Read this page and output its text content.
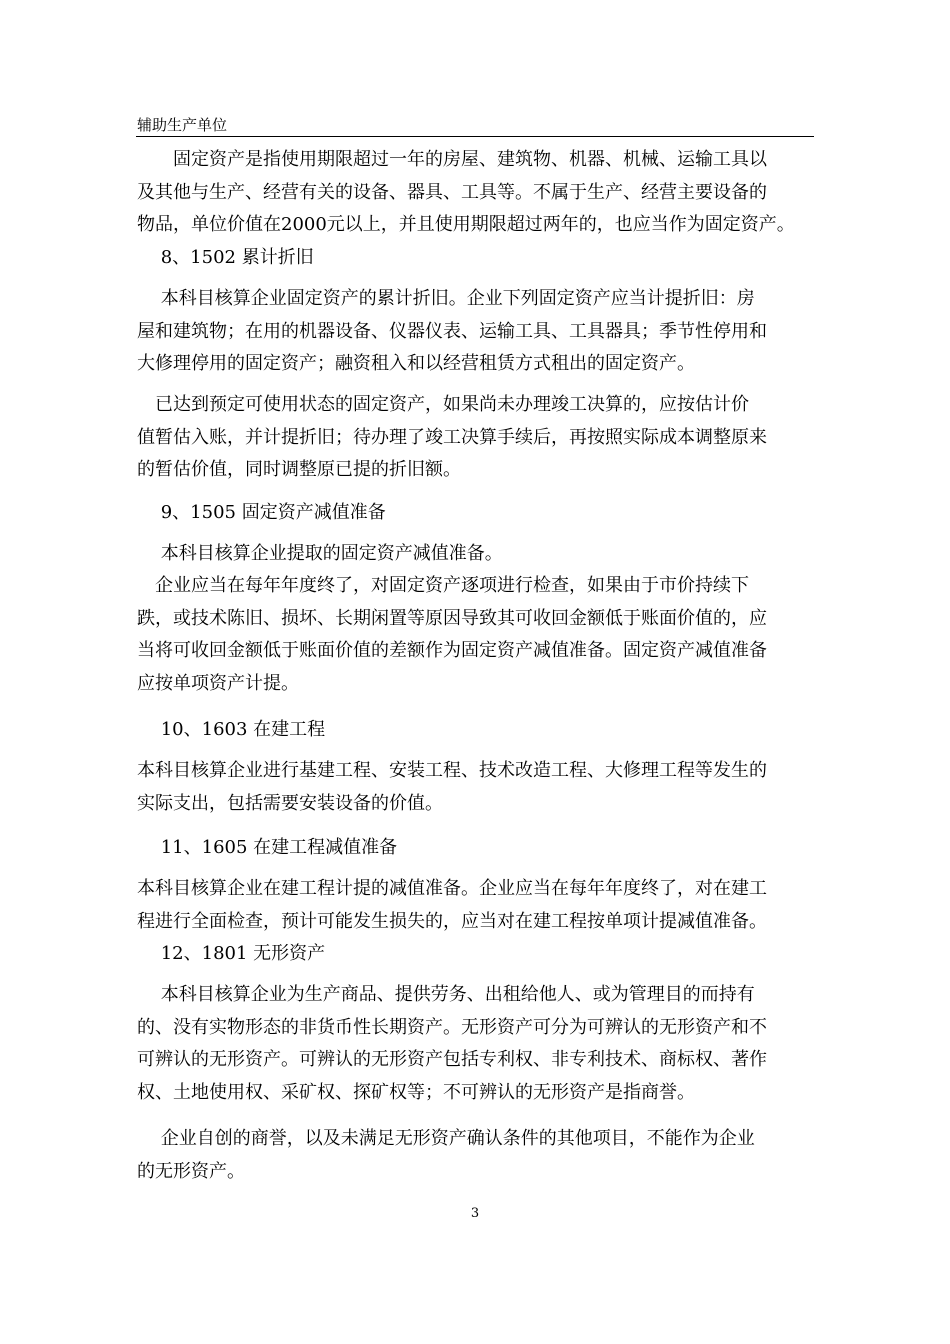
辅助生产单位
　　固定资产是指使用期限超过一年的房屋、建筑物、机器、机械、运输工具以
及其他与生产、经营有关的设备、器具、工具等。不属于生产、经营主要设备的
物品，单位价值在2000元以上，并且使用期限超过两年的，也应当作为固定资产。
　 8、1502 累计折旧
　 本科目核算企业固定资产的累计折旧。企业下列固定资产应当计提折旧：房
屋和建筑物；在用的机器设备、仪器仪表、运输工具、工具器具；季节性停用和
大修理停用的固定资产；融资租入和以经营租赁方式租出的固定资产。
　已达到预定可使用状态的固定资产，如果尚未办理竣工决算的，应按估计价
值暂估入账，并计提折旧；待办理了竣工决算手续后，再按照实际成本调整原来
的暂估价值，同时调整原已提的折旧额。
　 9、1505 固定资产减值准备
　 本科目核算企业提取的固定资产减值准备。
　企业应当在每年年度终了，对固定资产逐项进行检查，如果由于市价持续下
跌，或技术陈旧、损坏、长期闲置等原因导致其可收回金额低于账面价值的，应
当将可收回金额低于账面价值的差额作为固定资产减值准备。固定资产减值准备
应按单项资产计提。
　 10、1603 在建工程
本科目核算企业进行基建工程、安装工程、技术改造工程、大修理工程等发生的
实际支出，包括需要安装设备的价值。
　 11、1605 在建工程减值准备
本科目核算企业在建工程计提的减值准备。企业应当在每年年度终了，对在建工
程进行全面检查，预计可能发生损失的，应当对在建工程按单项计提减值准备。
　 12、1801 无形资产
　 本科目核算企业为生产商品、提供劳务、出租给他人、或为管理目的而持有
的、没有实物形态的非货币性长期资产。无形资产可分为可辨认的无形资产和不
可辨认的无形资产。可辨认的无形资产包括专利权、非专利技术、商标权、著作
权、土地使用权、采矿权、探矿权等；不可辨认的无形资产是指商誉。
　 企业自创的商誉，以及未满足无形资产确认条件的其他项目，不能作为企业
的无形资产。
3
